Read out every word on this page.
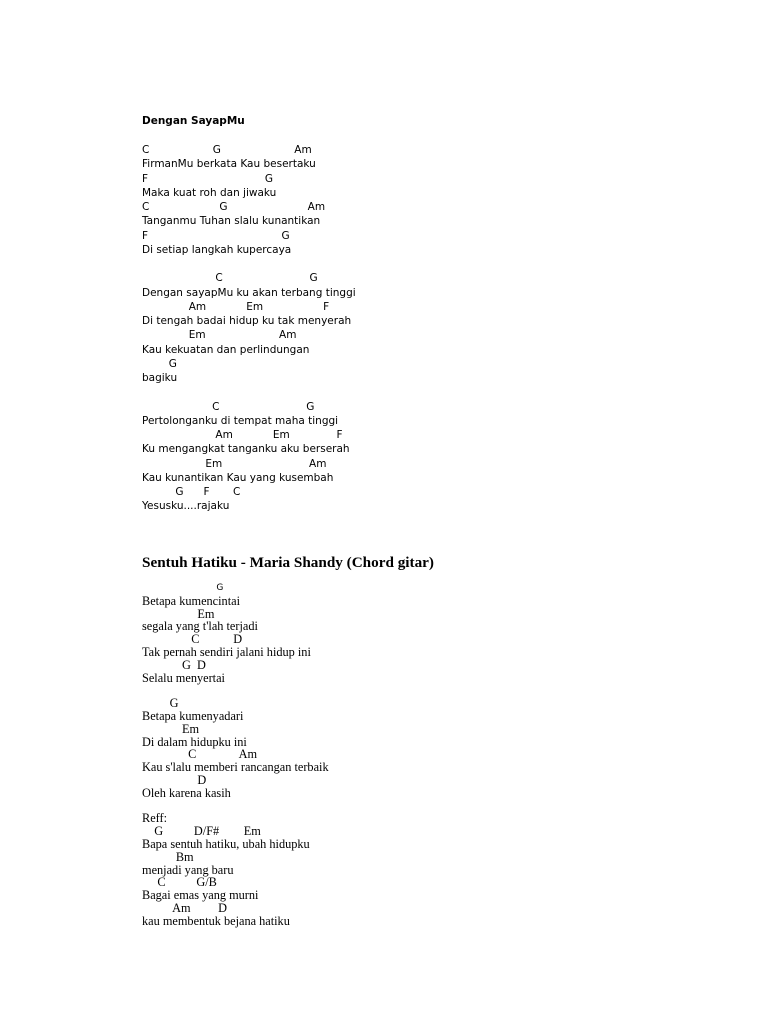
Dengan SayapMu
C                   G                      Am
FirmanMu berkata Kau besertaku
F                                   G
Maka kuat roh dan jiwaku
C                     G                        Am
Tanganmu Tuhan slalu kunantikan
F                                        G
Di setiap langkah kupercaya
C                          G
Dengan sayapMu ku akan terbang tinggi
Am            Em                  F
Di tengah badai hidup ku tak menyerah
Em                      Am
Kau kekuatan dan perlindungan
G
bagiku
C                          G
Pertolonganku di tempat maha tinggi
Am            Em              F
Ku mengangkat tanganku aku berserah
Em                          Am
Kau kunantikan Kau yang kusembah
G      F       C
Yesusku....rajaku
Sentuh Hatiku - Maria Shandy (Chord gitar)
G
Betapa kumencintai
Em
segala yang t'lah terjadi
C           D
Tak pernah sendiri jalani hidup ini
G  D
Selalu menyertai
G
Betapa kumenyadari
Em
Di dalam hidupku ini
C              Am
Kau s'lalu memberi rancangan terbaik
D
Oleh karena kasih
Reff:
G          D/F#        Em
Bapa sentuh hatiku, ubah hidupku
Bm
menjadi yang baru
C          G/B
Bagai emas yang murni
Am         D
kau membentuk bejana hatiku
